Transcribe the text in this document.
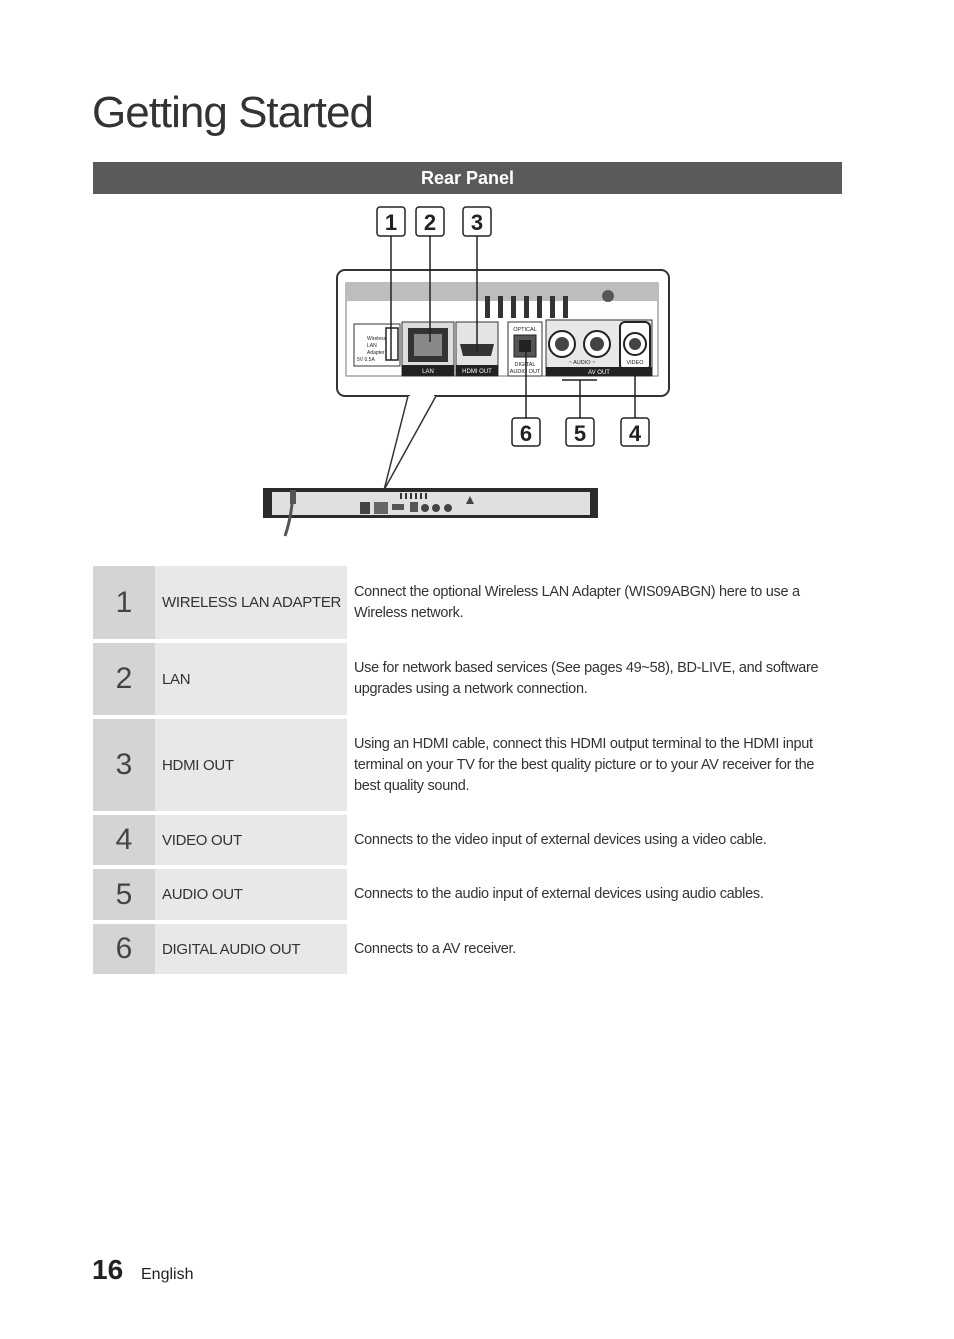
Getting Started
Rear Panel
Wireless
LAN
Adapter
5V 0.5A
LAN	HDMI OUT
OPTICAL
DIGITAL
AUDIO OUT
~ AUDIO ~	VIDEO
AV OUT
1 2 3
6 5 4
1	WIRELESS LAN ADAPTER
Connect the optional Wireless LAN Adapter (WIS09ABGN) here to use a Wireless network.
2	LAN
Use for network based services (See pages 49~58), BD-LIVE, and software upgrades using a network connection.
3	HDMI OUT
Using an HDMI cable, connect this HDMI output terminal to the HDMI input terminal on your TV for the best quality picture or to your AV receiver for the best quality sound.
4	VIDEO OUT	Connects to the video input of external devices using a video cable.
5	AUDIO OUT	Connects to the audio input of external devices using audio cables.
6	DIGITAL AUDIO OUT	Connects to a AV receiver.
16 English
